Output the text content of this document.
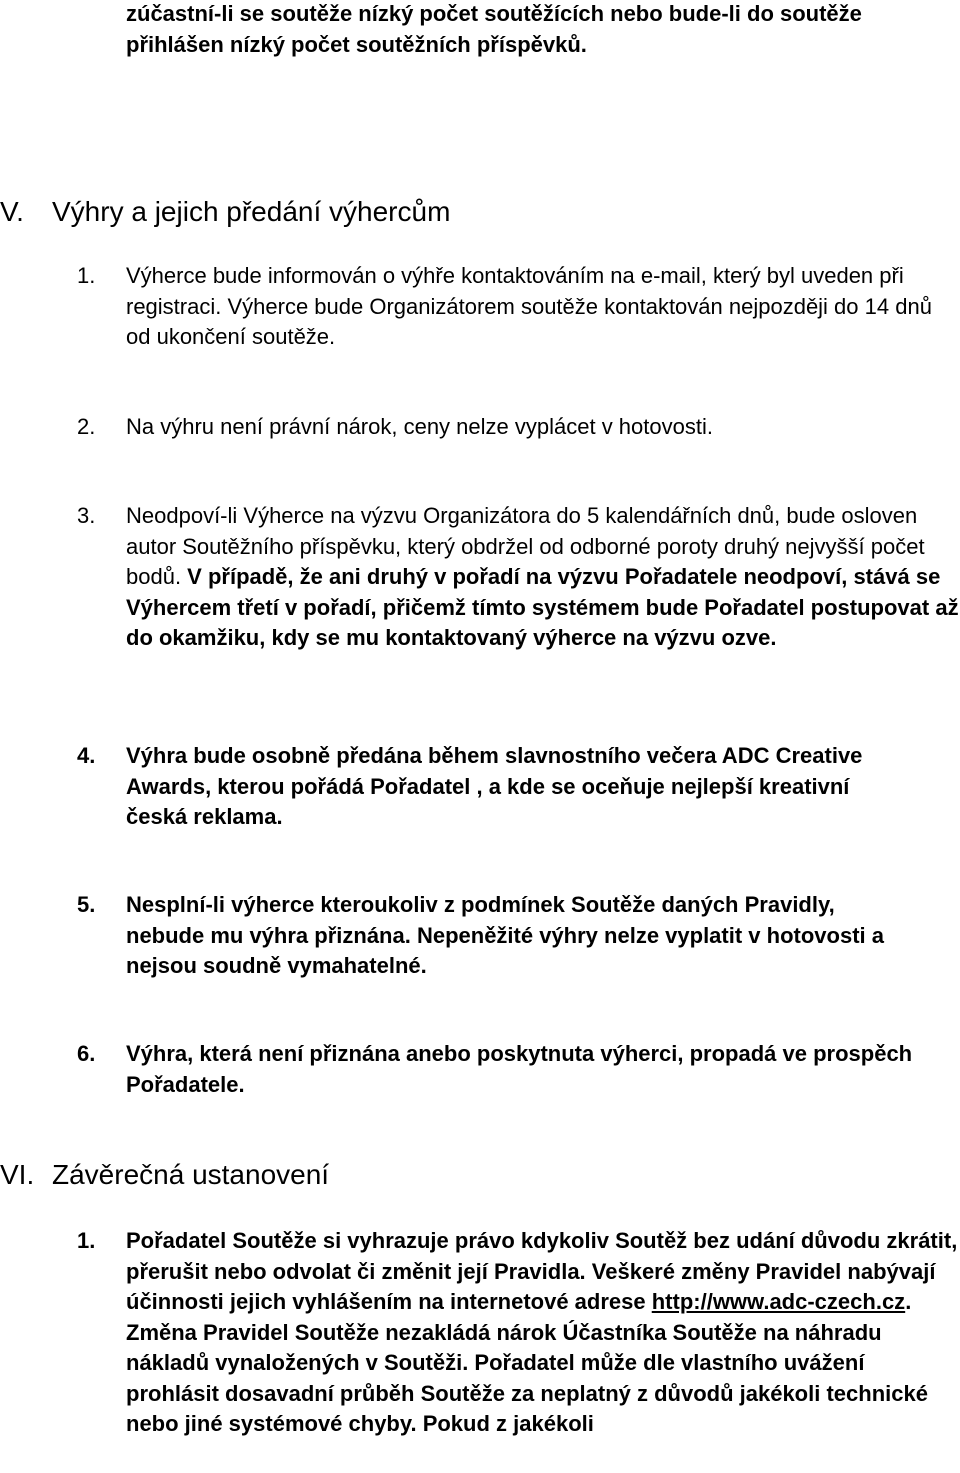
zúčastní-li se soutěže nízký počet soutěžících nebo bude-li do soutěže přihlášen nízký počet soutěžních příspěvků.

V. Výhry a jejich předání výhercům
1. Výherce bude informován o výhře kontaktováním na e-mail, který byl uveden při registraci. Výherce bude Organizátorem soutěže kontaktován nejpozději do 14 dnů od ukončení soutěže.

2. Na výhru není právní nárok, ceny nelze vyplácet v hotovosti.

3. Neodpoví-li Výherce na výzvu Organizátora do 5 kalendářních dnů, bude osloven autor Soutěžního příspěvku, který obdržel od odborné poroty druhý nejvyšší počet bodů. V případě, že ani druhý v pořadí na výzvu Pořadatele neodpoví, stává se Výhercem třetí v pořadí, přičemž tímto systémem bude Pořadatel postupovat až do okamžiku, kdy se mu kontaktovaný výherce na výzvu ozve.

4. Výhra bude osobně předána během slavnostního večera ADC Creative Awards, kterou pořádá Pořadatel , a kde se oceňuje nejlepší kreativní česká reklama.

5. Nesplní-li výherce kteroukoliv z podmínek Soutěže daných Pravidly, nebude mu výhra přiznána. Nepeněžité výhry nelze vyplatit v hotovosti a nejsou soudně vymahatelné.

6. Výhra, která není přiznána anebo poskytnuta výherci, propadá ve prospěch Pořadatele.

VI. Závěrečná ustanovení
1. Pořadatel Soutěže si vyhrazuje právo kdykoliv Soutěž bez udání důvodu zkrátit, přerušit nebo odvolat či změnit její Pravidla. Veškeré změny Pravidel nabývají účinnosti jejich vyhlášením na internetové adrese http://www.adc-czech.cz. Změna Pravidel Soutěže nezakládá nárok Účastníka Soutěže na náhradu nákladů vynaložených v Soutěži. Pořadatel může dle vlastního uvážení prohlásit dosavadní průběh Soutěže za neplatný z důvodů jakékoli technické nebo jiné systémové chyby. Pokud z jakékoli
